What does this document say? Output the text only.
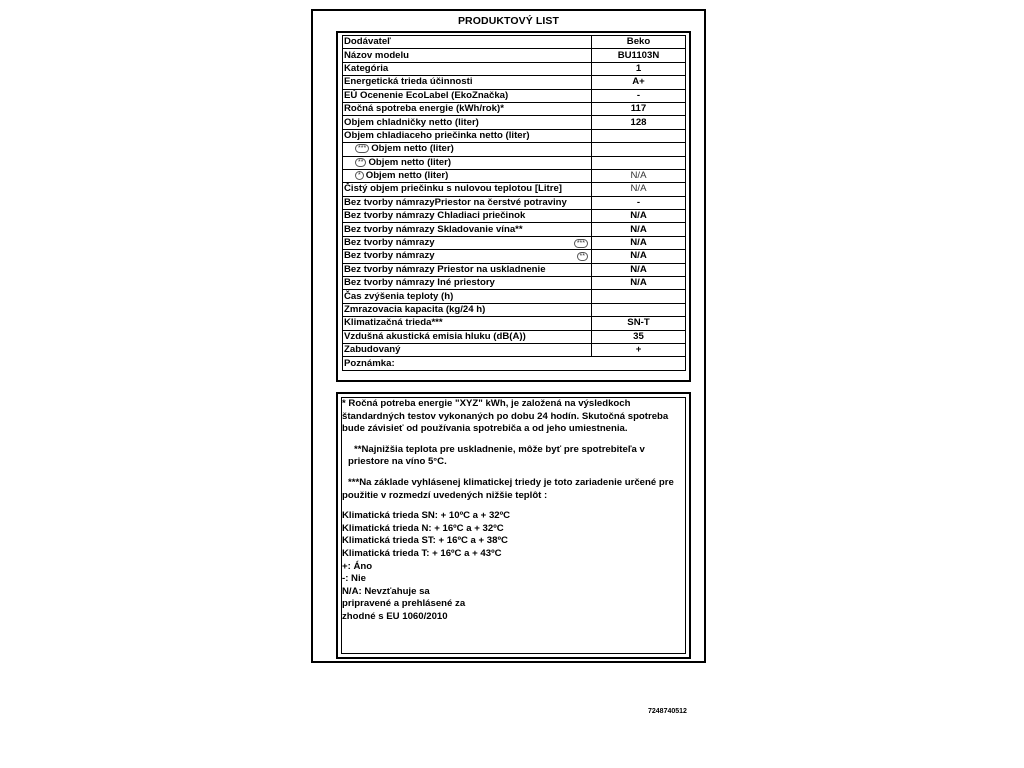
PRODUKTOVÝ LIST
Dodávateľ	Beko
Názov modelu	BU1103N
Kategória	1
Energetická trieda účinnosti	A+
EÚ Ocenenie EcoLabel (EkoZnačka)	-
Ročná spotreba energie (kWh/rok)*	117
Objem chladničky netto (liter)	128
Objem chladiaceho priečinka netto (liter)	
*** Objem netto (liter)	
** Objem netto (liter)	
* Objem netto (liter)	N/A
Čistý objem priečinku s nulovou teplotou [Litre]	N/A
Bez tvorby námrazyPriestor na čerstvé potraviny	-
Bez tvorby námrazy Chladiaci priečinok	N/A
Bez tvorby námrazy Skladovanie vína**	N/A
Bez tvorby námrazy ***	N/A
Bez tvorby námrazy **	N/A
Bez tvorby námrazy Priestor na uskladnenie	N/A
Bez tvorby námrazy Iné priestory	N/A
Čas zvýšenia teploty (h)	
Zmrazovacia kapacita (kg/24 h)	
Klimatizačná trieda***	SN-T
Vzdušná akustická emisia hluku (dB(A))	35
Zabudovaný	+
Poznámka:	

* Ročná potreba energie "XYZ" kWh, je založená na výsledkoch štandardných testov vykonaných po dobu 24 hodín. Skutočná spotreba bude závisieť od používania spotrebiča a od jeho umiestnenia.

**Najnižšia teplota pre uskladnenie, môže byť pre spotrebiteľa v priestore na víno 5°C.

***Na základe vyhlásenej klimatickej triedy je toto zariadenie určené pre použitie v rozmedzí uvedených nižšie teplôt :

Klimatická trieda SN: + 10ºC a + 32ºC
Klimatická trieda N: + 16ºC a + 32ºC
Klimatická trieda ST: + 16ºC a + 38ºC
Klimatická trieda T: + 16ºC a + 43ºC
+: Áno
-: Nie
N/A: Nevzťahuje sa
pripravené a prehlásené za
zhodné s EU 1060/2010
7248740512
